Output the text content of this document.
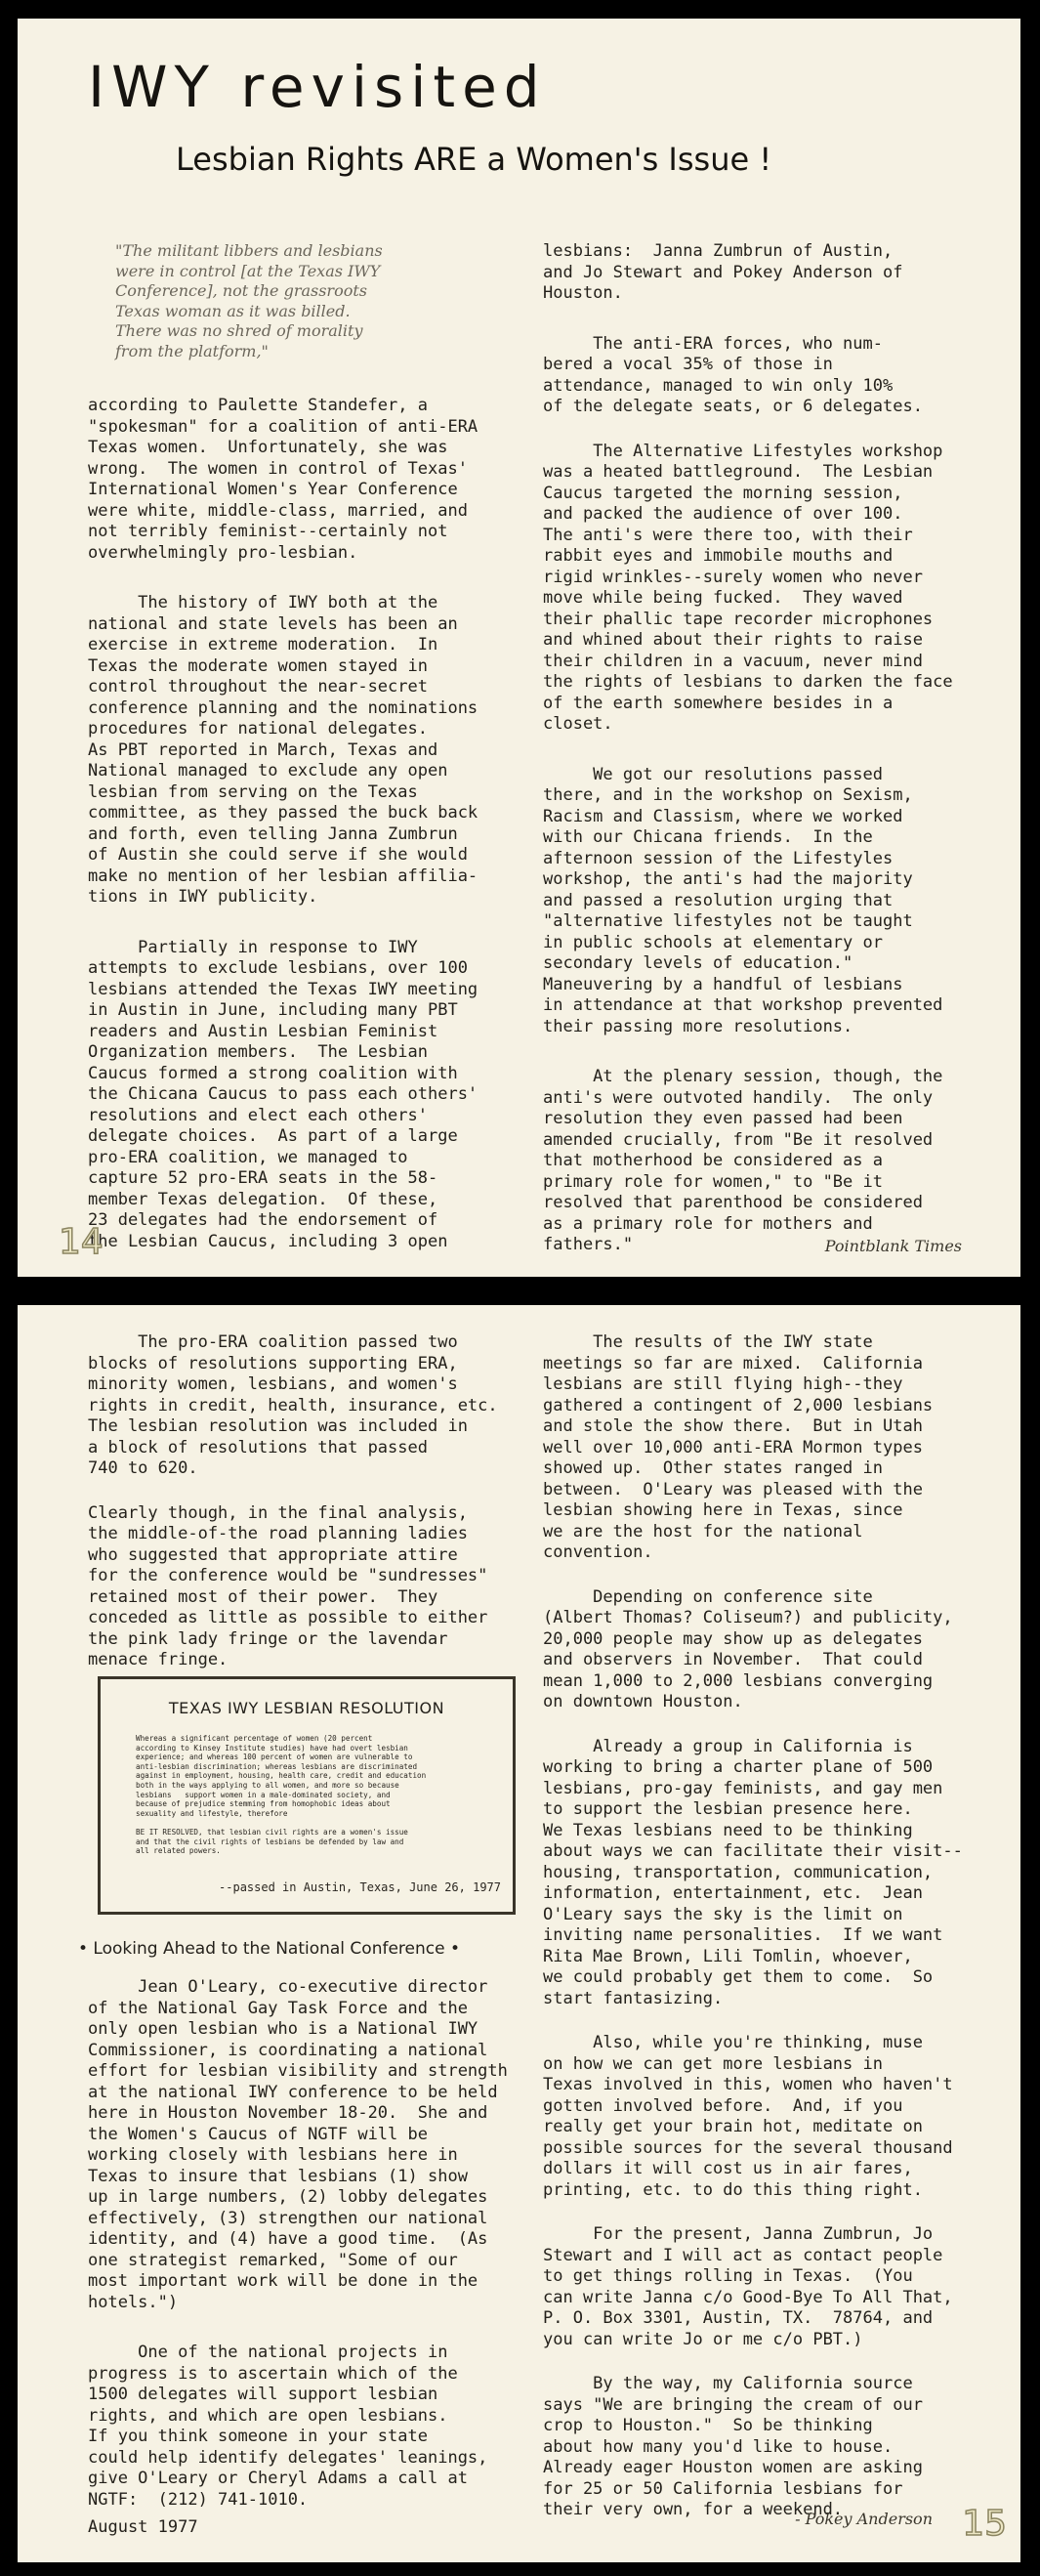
IWY revisited
Lesbian Rights ARE a Women's Issue !

"The militant libbers and lesbians
were in control [at the Texas IWY
Conference], not the grassroots
Texas woman as it was billed.
There was no shred of morality
from the platform,"

according to Paulette Standefer, a
"spokesman" for a coalition of anti-ERA
Texas women.  Unfortunately, she was
wrong.  The women in control of Texas'
International Women's Year Conference
were white, middle-class, married, and
not terribly feminist--certainly not
overwhelmingly pro-lesbian.

The history of IWY both at the
national and state levels has been an
exercise in extreme moderation.  In
Texas the moderate women stayed in
control throughout the near-secret
conference planning and the nominations
procedures for national delegates.
As PBT reported in March, Texas and
National managed to exclude any open
lesbian from serving on the Texas
committee, as they passed the buck back
and forth, even telling Janna Zumbrun
of Austin she could serve if she would
make no mention of her lesbian affilia-
tions in IWY publicity.

Partially in response to IWY
attempts to exclude lesbians, over 100
lesbians attended the Texas IWY meeting
in Austin in June, including many PBT
readers and Austin Lesbian Feminist
Organization members.  The Lesbian
Caucus formed a strong coalition with
the Chicana Caucus to pass each others'
resolutions and elect each others'
delegate choices.  As part of a large
pro-ERA coalition, we managed to
capture 52 pro-ERA seats in the 58-
member Texas delegation.  Of these,
23 delegates had the endorsement of
the Lesbian Caucus, including 3 open

lesbians:  Janna Zumbrun of Austin,
and Jo Stewart and Pokey Anderson of
Houston.

The anti-ERA forces, who num-
bered a vocal 35% of those in
attendance, managed to win only 10%
of the delegate seats, or 6 delegates.

The Alternative Lifestyles workshop
was a heated battleground.  The Lesbian
Caucus targeted the morning session,
and packed the audience of over 100.
The anti's were there too, with their
rabbit eyes and immobile mouths and
rigid wrinkles--surely women who never
move while being fucked.  They waved
their phallic tape recorder microphones
and whined about their rights to raise
their children in a vacuum, never mind
the rights of lesbians to darken the face
of the earth somewhere besides in a
closet.

We got our resolutions passed
there, and in the workshop on Sexism,
Racism and Classism, where we worked
with our Chicana friends.  In the
afternoon session of the Lifestyles
workshop, the anti's had the majority
and passed a resolution urging that
"alternative lifestyles not be taught
in public schools at elementary or
secondary levels of education."
Maneuvering by a handful of lesbians
in attendance at that workshop prevented
their passing more resolutions.

At the plenary session, though, the
anti's were outvoted handily.  The only
resolution they even passed had been
amended crucially, from "Be it resolved
that motherhood be considered as a
primary role for women," to "Be it
resolved that parenthood be considered
as a primary role for mothers and
fathers."	Pointblank Times
14

The pro-ERA coalition passed two
blocks of resolutions supporting ERA,
minority women, lesbians, and women's
rights in credit, health, insurance, etc.
The lesbian resolution was included in
a block of resolutions that passed
740 to 620.

Clearly though, in the final analysis,
the middle-of-the road planning ladies
who suggested that appropriate attire
for the conference would be "sundresses"
retained most of their power.  They
conceded as little as possible to either
the pink lady fringe or the lavendar
menace fringe.

TEXAS IWY LESBIAN RESOLUTION
Whereas a significant percentage of women (20 percent
according to Kinsey Institute studies) have had overt lesbian
experience; and whereas 100 percent of women are vulnerable to
anti-lesbian discrimination; whereas lesbians are discriminated
against in employment, housing, health care, credit and education
both in the ways applying to all women, and more so because
lesbians   support women in a male-dominated society, and
because of prejudice stemming from homophobic ideas about
sexuality and lifestyle, therefore

BE IT RESOLVED, that lesbian civil rights are a women's issue
and that the civil rights of lesbians be defended by law and
all related powers.
--passed in Austin, Texas, June 26, 1977
• Looking Ahead to the National Conference •

Jean O'Leary, co-executive director
of the National Gay Task Force and the
only open lesbian who is a National IWY
Commissioner, is coordinating a national
effort for lesbian visibility and strength
at the national IWY conference to be held
here in Houston November 18-20.  She and
the Women's Caucus of NGTF will be
working closely with lesbians here in
Texas to insure that lesbians (1) show
up in large numbers, (2) lobby delegates
effectively, (3) strengthen our national
identity, and (4) have a good time.  (As
one strategist remarked, "Some of our
most important work will be done in the
hotels.")

One of the national projects in
progress is to ascertain which of the
1500 delegates will support lesbian
rights, and which are open lesbians.
If you think someone in your state
could help identify delegates' leanings,
give O'Leary or Cheryl Adams a call at
NGTF:  (212) 741-1010.

August 1977

The results of the IWY state
meetings so far are mixed.  California
lesbians are still flying high--they
gathered a contingent of 2,000 lesbians
and stole the show there.  But in Utah
well over 10,000 anti-ERA Mormon types
showed up.  Other states ranged in
between.  O'Leary was pleased with the
lesbian showing here in Texas, since
we are the host for the national
convention.

Depending on conference site
(Albert Thomas? Coliseum?) and publicity,
20,000 people may show up as delegates
and observers in November.  That could
mean 1,000 to 2,000 lesbians converging
on downtown Houston.

Already a group in California is
working to bring a charter plane of 500
lesbians, pro-gay feminists, and gay men
to support the lesbian presence here.
We Texas lesbians need to be thinking
about ways we can facilitate their visit--
housing, transportation, communication,
information, entertainment, etc.  Jean
O'Leary says the sky is the limit on
inviting name personalities.  If we want
Rita Mae Brown, Lili Tomlin, whoever,
we could probably get them to come.  So
start fantasizing.

Also, while you're thinking, muse
on how we can get more lesbians in
Texas involved in this, women who haven't
gotten involved before.  And, if you
really get your brain hot, meditate on
possible sources for the several thousand
dollars it will cost us in air fares,
printing, etc. to do this thing right.

For the present, Janna Zumbrun, Jo
Stewart and I will act as contact people
to get things rolling in Texas.  (You
can write Janna c/o Good-Bye To All That,
P. O. Box 3301, Austin, TX.  78764, and
you can write Jo or me c/o PBT.)

By the way, my California source
says "We are bringing the cream of our
crop to Houston."  So be thinking
about how many you'd like to house.
Already eager Houston women are asking
for 25 or 50 California lesbians for
their very own, for a weekend.

- Pokey Anderson 15
